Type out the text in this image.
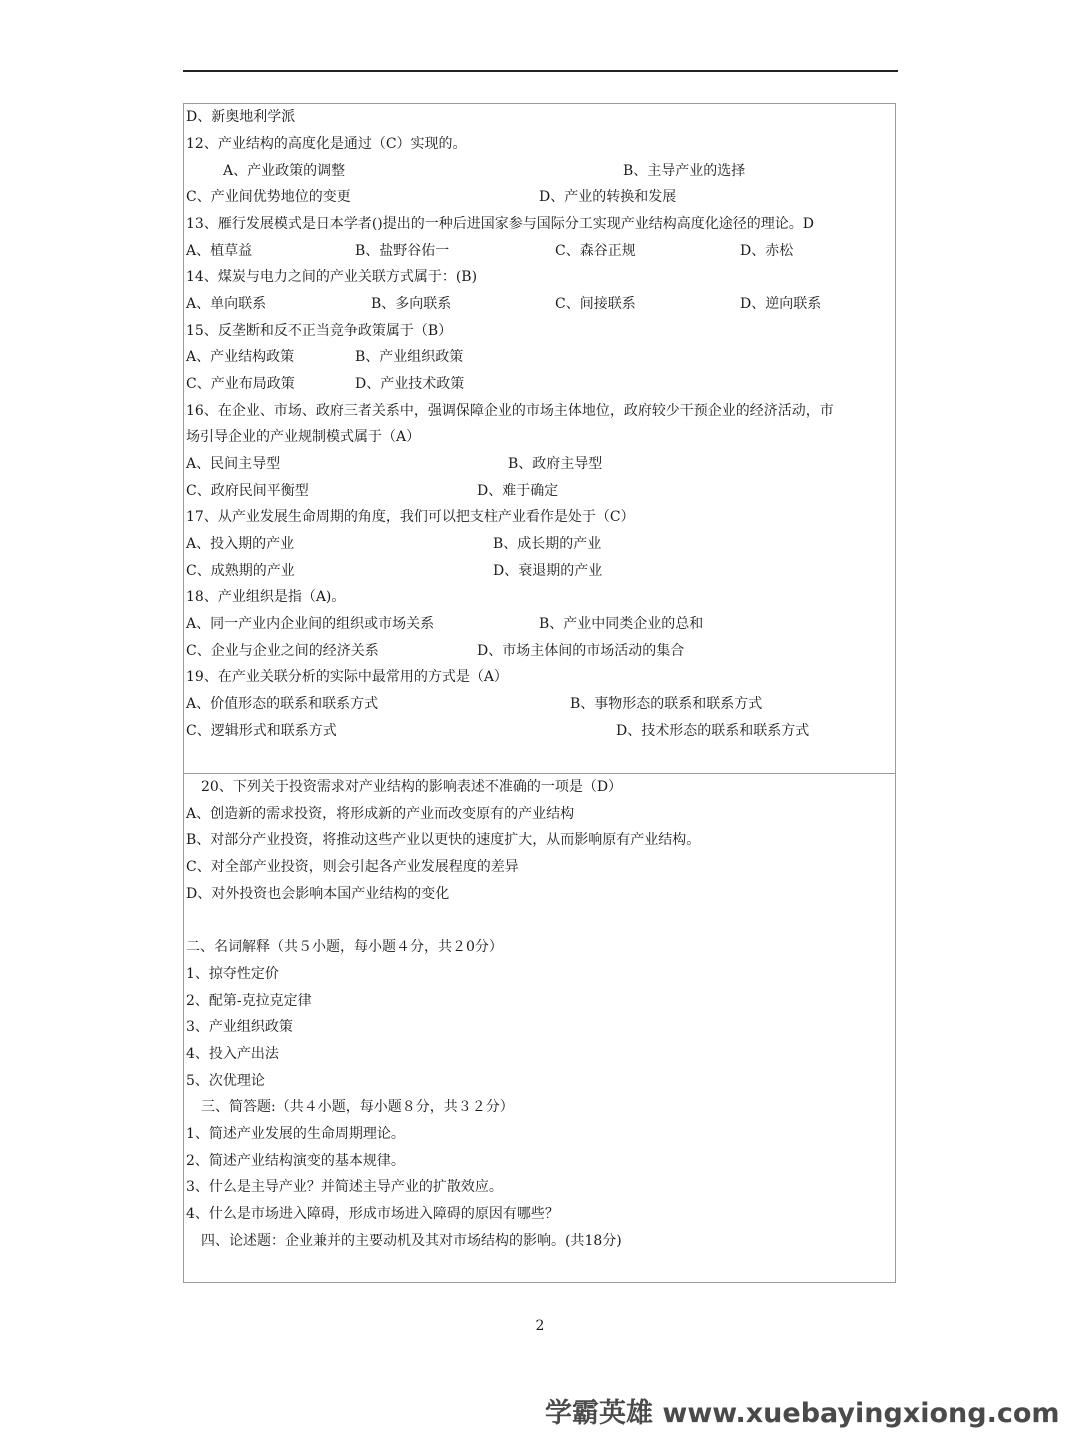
D、新奥地利学派
12、产业结构的高度化是通过（C）实现的。
A、产业政策的调整	B、主导产业的选择
C、产业间优势地位的变更	D、产业的转换和发展
13、雁行发展模式是日本学者()提出的一种后进国家参与国际分工实现产业结构高度化途径的理论。D
A、植草益	B、盐野谷佑一	C、森谷正规	D、赤松
14、煤炭与电力之间的产业关联方式属于：(B)
A、单向联系	B、多向联系	C、间接联系	D、逆向联系
15、反垄断和反不正当竞争政策属于（B）
A、产业结构政策	B、产业组织政策
C、产业布局政策	D、产业技术政策
16、在企业、市场、政府三者关系中，强调保障企业的市场主体地位，政府较少干预企业的经济活动，市
场引导企业的产业规制模式属于（A）
A、民间主导型	B、政府主导型
C、政府民间平衡型	D、难于确定
17、从产业发展生命周期的角度，我们可以把支柱产业看作是处于（C）
A、投入期的产业	B、成长期的产业
C、成熟期的产业	D、衰退期的产业
18、产业组织是指（A)。
A、同一产业内企业间的组织或市场关系	B、产业中同类企业的总和
C、企业与企业之间的经济关系	D、市场主体间的市场活动的集合
19、在产业关联分析的实际中最常用的方式是（A）
A、价值形态的联系和联系方式	B、事物形态的联系和联系方式
C、逻辑形式和联系方式	D、技术形态的联系和联系方式
20、下列关于投资需求对产业结构的影响表述不准确的一项是（D）
A、创造新的需求投资，将形成新的产业而改变原有的产业结构
B、对部分产业投资，将推动这些产业以更快的速度扩大，从而影响原有产业结构。
C、对全部产业投资，则会引起各产业发展程度的差异
D、对外投资也会影响本国产业结构的变化
二、名词解释（共５小题，每小题４分，共２0分）
1、掠夺性定价
2、配第-克拉克定律
3、产业组织政策
4、投入产出法
5、次优理论
三、简答题:（共４小题，每小题８分，共３２分）
1、简述产业发展的生命周期理论。
2、简述产业结构演变的基本规律。
3、什么是主导产业？并简述主导产业的扩散效应。
4、什么是市场进入障碍，形成市场进入障碍的原因有哪些？
四、论述题：企业兼并的主要动机及其对市场结构的影响。(共18分)
2
学霸英雄 www.xuebayingxiong.com
